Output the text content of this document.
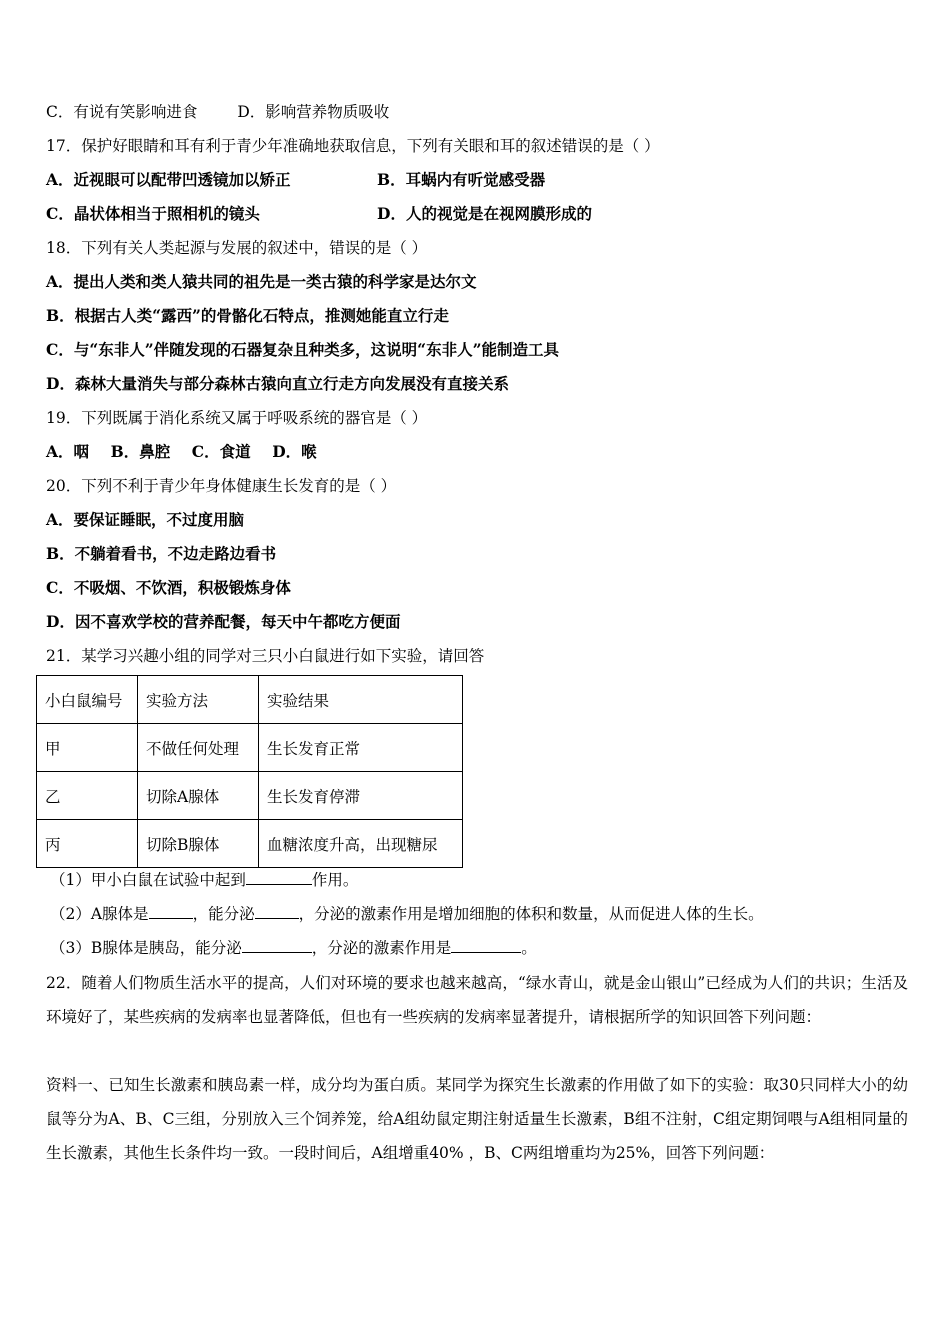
C．有说有笑影响进食	D．影响营养物质吸收
17．保护好眼睛和耳有利于青少年准确地获取信息，下列有关眼和耳的叙述错误的是（ ）
A．近视眼可以配带凹透镜加以矫正	B．耳蜗内有听觉感受器
C．晶状体相当于照相机的镜头	D．人的视觉是在视网膜形成的
18．下列有关人类起源与发展的叙述中，错误的是（ ）
A．提出人类和类人猿共同的祖先是一类古猿的科学家是达尔文
B．根据古人类“露西”的骨骼化石特点，推测她能直立行走
C．与“东非人”伴随发现的石器复杂且种类多，这说明“东非人”能制造工具
D．森林大量消失与部分森林古猿向直立行走方向发展没有直接关系
19．下列既属于消化系统又属于呼吸系统的器官是（ ）
A．咽    B．鼻腔    C．食道    D．喉
20．下列不利于青少年身体健康生长发育的是（ ）
A．要保证睡眠，不过度用脑
B．不躺着看书，不边走路边看书
C．不吸烟、不饮酒，积极锻炼身体
D．因不喜欢学校的营养配餐，每天中午都吃方便面
21．某学习兴趣小组的同学对三只小白鼠进行如下实验，请回答
小白鼠编号	实验方法	实验结果
甲	不做任何处理	生长发育正常
乙	切除A腺体	生长发育停滞
丙	切除B腺体	血糖浓度升高，出现糖尿
（1）甲小白鼠在试验中起到	作用。
（2）A腺体是	，能分泌	，分泌的激素作用是增加细胞的体积和数量，从而促进人体的生长。
（3）B腺体是胰岛，能分泌	，分泌的激素作用是	。
22．随着人们物质生活水平的提高，人们对环境的要求也越来越高，“绿水青山，就是金山银山”已经成为人们的共识；生活及环境好了，某些疾病的发病率也显著降低，但也有一些疾病的发病率显著提升，请根据所学的知识回答下列问题：
资料一、已知生长激素和胰岛素一样，成分均为蛋白质。某同学为探究生长激素的作用做了如下的实验：取30只同样大小的幼鼠等分为A、B、C三组，分别放入三个饲养笼，给A组幼鼠定期注射适量生长激素，B组不注射，C组定期饲喂与A组相同量的生长激素，其他生长条件均一致。一段时间后，A组增重40% ，B、C两组增重均为25%，回答下列问题：
